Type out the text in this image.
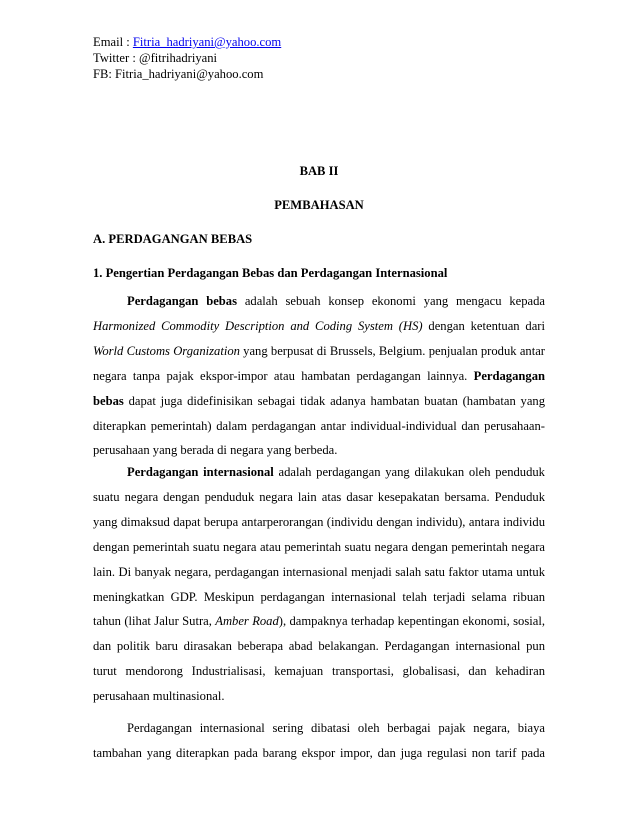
Email : Fitria_hadriyani@yahoo.com
Twitter : @fitrihadriyani
FB: Fitria_hadriyani@yahoo.com
BAB II
PEMBAHASAN
A. PERDAGANGAN BEBAS
1. Pengertian Perdagangan Bebas dan Perdagangan Internasional
Perdagangan bebas adalah sebuah konsep ekonomi yang mengacu kepada
Harmonized Commodity Description and Coding System (HS) dengan ketentuan dari
World Customs Organization yang berpusat di Brussels, Belgium. penjualan produk antar
negara tanpa pajak ekspor-impor atau hambatan perdagangan lainnya. Perdagangan
bebas dapat juga didefinisikan sebagai tidak adanya hambatan buatan (hambatan yang
diterapkan pemerintah) dalam perdagangan antar individual-individual dan perusahaan-
perusahaan yang berada di negara yang berbeda.
Perdagangan internasional adalah perdagangan yang dilakukan oleh penduduk
suatu negara dengan penduduk negara lain atas dasar kesepakatan bersama. Penduduk
yang dimaksud dapat berupa antarperorangan (individu dengan individu), antara individu
dengan pemerintah suatu negara atau pemerintah suatu negara dengan pemerintah negara
lain. Di banyak negara, perdagangan internasional menjadi salah satu faktor utama untuk
meningkatkan GDP. Meskipun perdagangan internasional telah terjadi selama ribuan
tahun (lihat Jalur Sutra, Amber Road), dampaknya terhadap kepentingan ekonomi, sosial,
dan politik baru dirasakan beberapa abad belakangan. Perdagangan internasional pun
turut mendorong Industrialisasi, kemajuan transportasi, globalisasi, dan kehadiran
perusahaan multinasional.
Perdagangan internasional sering dibatasi oleh berbagai pajak negara, biaya
tambahan yang diterapkan pada barang ekspor impor, dan juga regulasi non tarif pada
